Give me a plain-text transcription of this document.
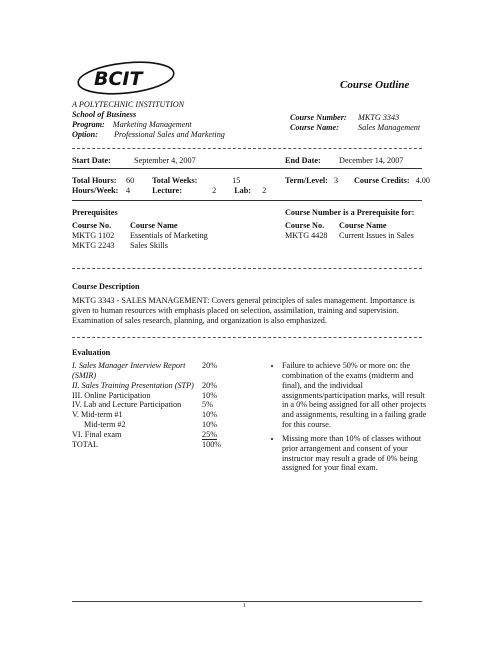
BCIT	Course Outline
A POLYTECHNIC INSTITUTION
School of Business
Program: Marketing Management
Option: Professional Sales and Marketing
Course Number: MKTG 3343
Course Name: Sales Management
Start Date:	September 4, 2007	End Date: December 14, 2007
Total Hours: 60 Total Weeks:	15
Hours/Week: 4	Lecture:	2 Lab: 2
Term/Level: 3 Course Credits: 4.00
Prerequisites
Course No.	Course Name
MKTG 1102	Essentials of Marketing
MKTG 2243	Sales Skills
Course Number is a Prerequisite for:
Course No.	Course Name
MKTG 4428	Current Issues in Sales
Course Description
MKTG 3343 - SALES MANAGEMENT: Covers general principles of sales management. Importance is given to human resources with emphasis placed on selection, assimilation, training and supervision. Examination of sales research, planning, and organization is also emphasized.
Evaluation
I. Sales Manager Interview Report (SMIR)	20%
II. Sales Training Presentation (STP)	20%
III. Online Participation	10%
IV. Lab and Lecture Participation	5%
V. Mid-term #1	10%
Mid-term #2	10%
VI. Final exam	25%
TOTAL	100%
• Failure to achieve 50% or more on: the combination of the exams (midterm and final), and the individual assignments/participation marks, will result in a 0% being assigned for all other projects and assignments, resulting in a failing grade for this course.
• Missing more than 10% of classes without prior arrangement and consent of your instructor may result a grade of 0% being assigned for your final exam.
1
